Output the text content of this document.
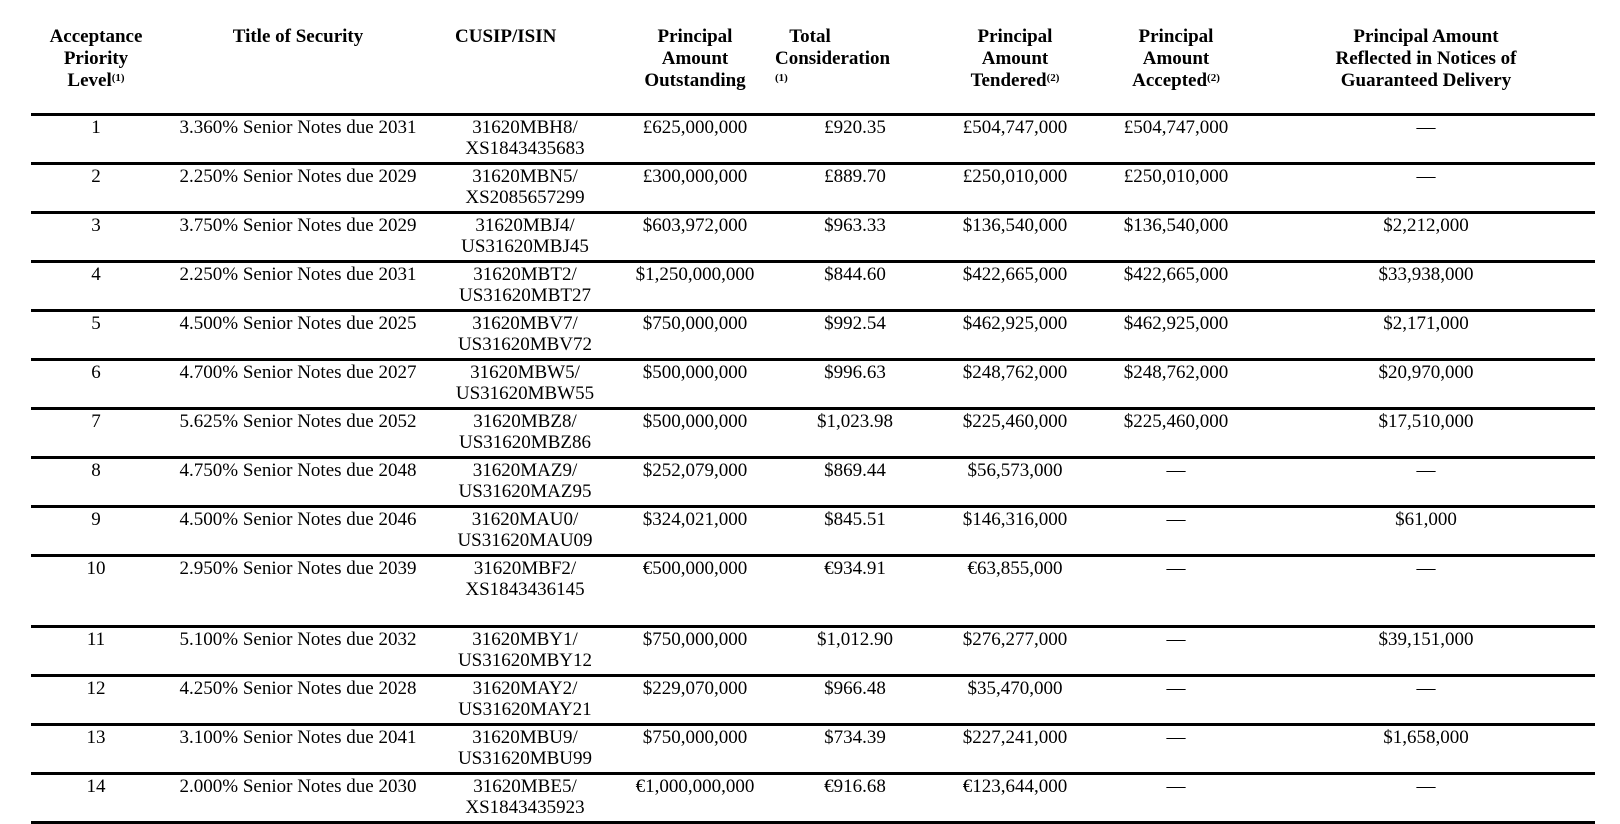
Acceptance
Priority
Level$^{(1)}$	Title of Security	CUSIP/ISIN	Principal
Amount
Outstanding	Total
Consideration
$^{(1)}$	Principal
Amount
Tendered$^{(2)}$	Principal
Amount
Accepted$^{(2)}$	Principal Amount
Reflected in Notices of
Guaranteed Delivery
1	3.360% Senior Notes due 2031	31620MBH8/
XS1843435683	£625,000,000	£920.35	£504,747,000	£504,747,000	—
2	2.250% Senior Notes due 2029	31620MBN5/
XS2085657299	£300,000,000	£889.70	£250,010,000	£250,010,000	—
3	3.750% Senior Notes due 2029	31620MBJ4/
US31620MBJ45	$603,972,000	$963.33	$136,540,000	$136,540,000	$2,212,000
4	2.250% Senior Notes due 2031	31620MBT2/
US31620MBT27	$1,250,000,000	$844.60	$422,665,000	$422,665,000	$33,938,000
5	4.500% Senior Notes due 2025	31620MBV7/
US31620MBV72	$750,000,000	$992.54	$462,925,000	$462,925,000	$2,171,000
6	4.700% Senior Notes due 2027	31620MBW5/
US31620MBW55	$500,000,000	$996.63	$248,762,000	$248,762,000	$20,970,000
7	5.625% Senior Notes due 2052	31620MBZ8/
US31620MBZ86	$500,000,000	$1,023.98	$225,460,000	$225,460,000	$17,510,000
8	4.750% Senior Notes due 2048	31620MAZ9/
US31620MAZ95	$252,079,000	$869.44	$56,573,000	—	—
9	4.500% Senior Notes due 2046	31620MAU0/
US31620MAU09	$324,021,000	$845.51	$146,316,000	—	$61,000
10	2.950% Senior Notes due 2039	31620MBF2/
XS1843436145	€500,000,000	€934.91	€63,855,000	—	—
11	5.100% Senior Notes due 2032	31620MBY1/
US31620MBY12	$750,000,000	$1,012.90	$276,277,000	—	$39,151,000
12	4.250% Senior Notes due 2028	31620MAY2/
US31620MAY21	$229,070,000	$966.48	$35,470,000	—	—
13	3.100% Senior Notes due 2041	31620MBU9/
US31620MBU99	$750,000,000	$734.39	$227,241,000	—	$1,658,000
14	2.000% Senior Notes due 2030	31620MBE5/
XS1843435923	€1,000,000,000	€916.68	€123,644,000	—	—
